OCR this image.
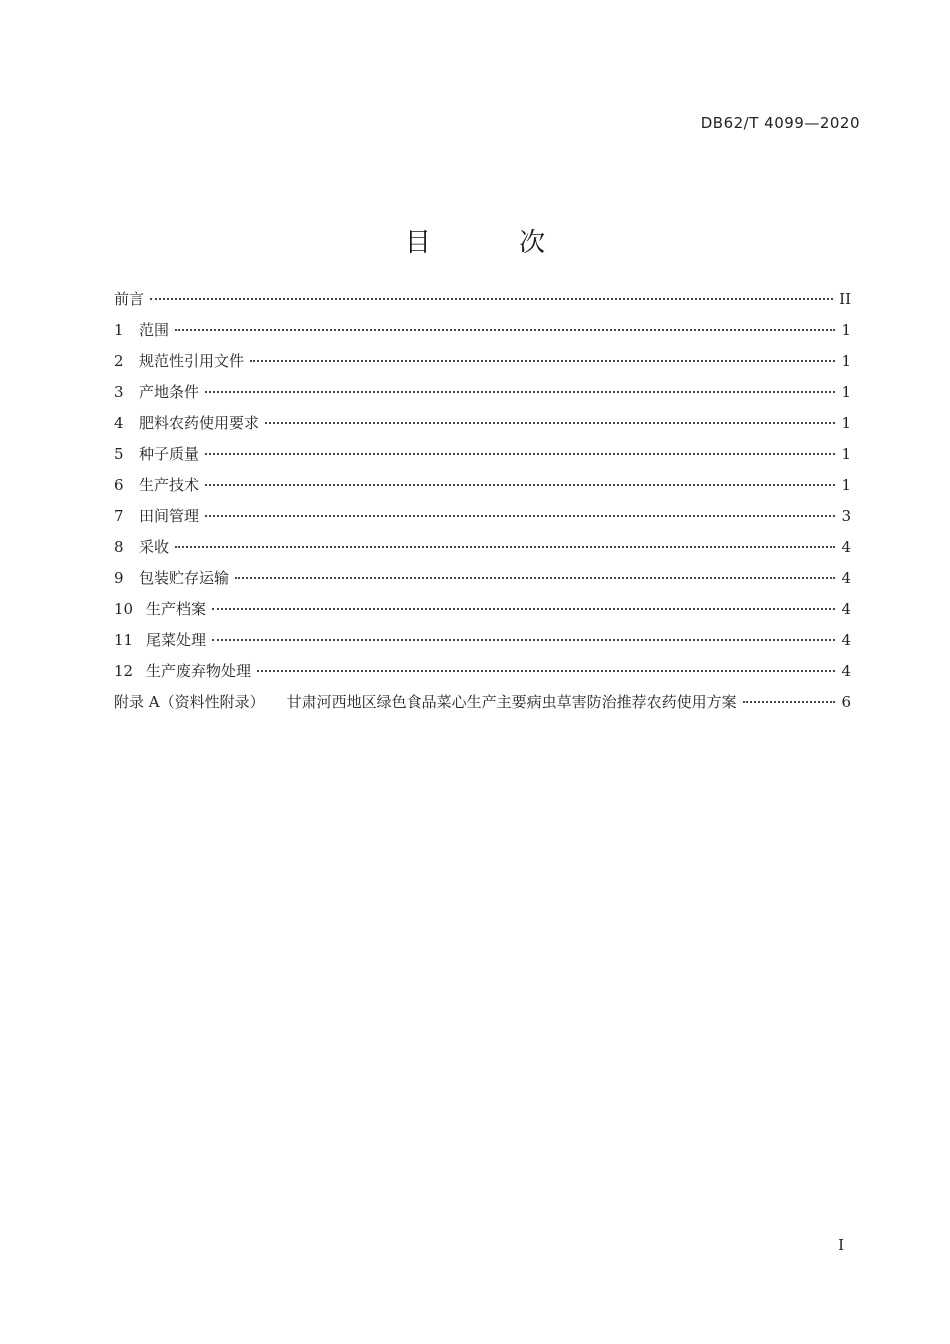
DB62/T 4099—2020
目 次
前言	II
1	范围	1
2	规范性引用文件	1
3	产地条件	1
4	肥料农药使用要求	1
5	种子质量	1
6	生产技术	1
7	田间管理	3
8	采收	4
9	包装贮存运输	4
10 生产档案	4
11 尾菜处理	4
12 生产废弃物处理	4
附录 A（资料性附录） 甘肃河西地区绿色食品菜心生产主要病虫草害防治推荐农药使用方案	6
I
